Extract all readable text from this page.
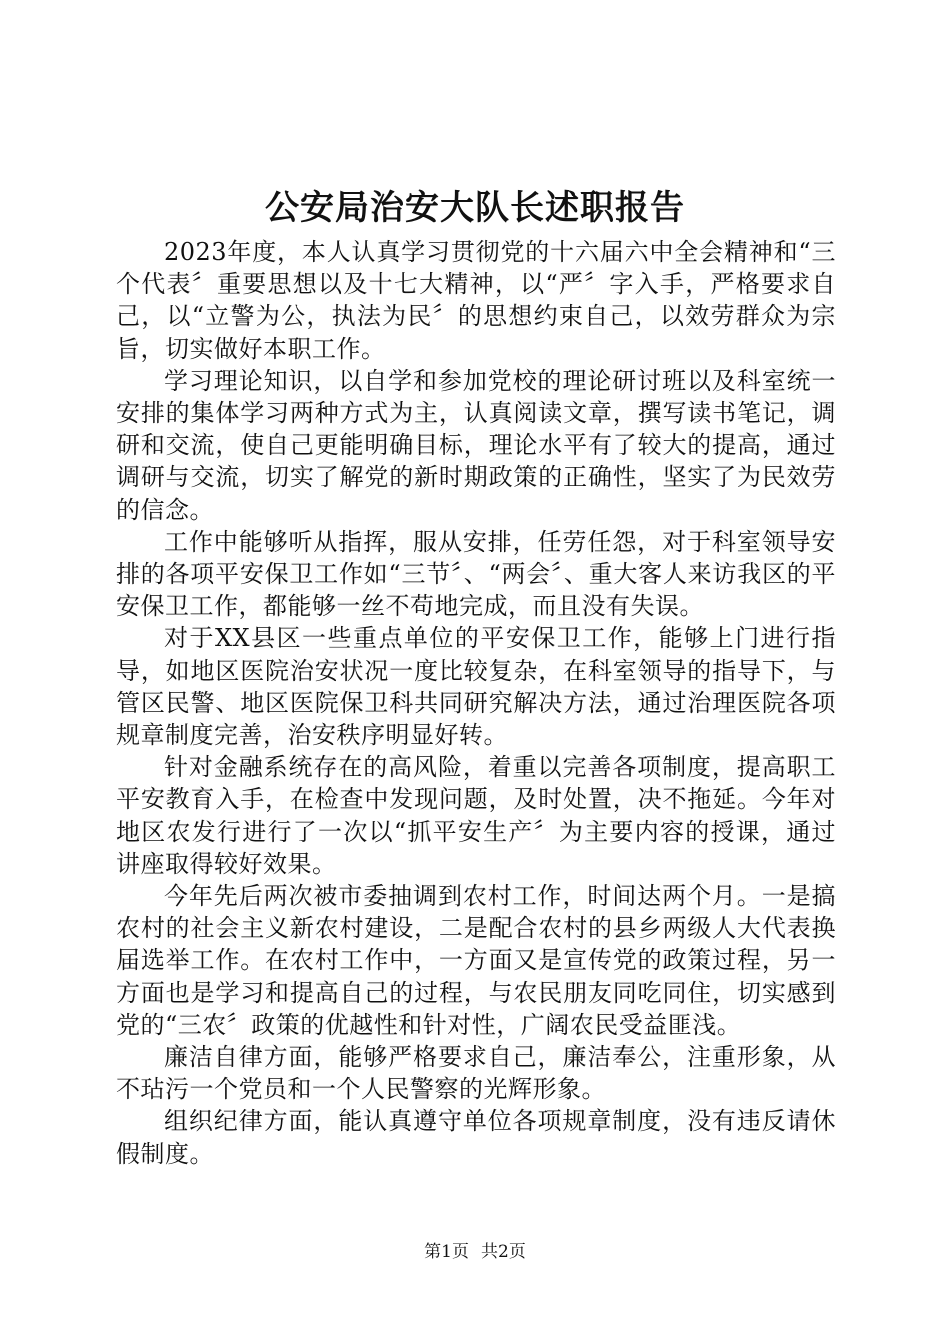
公安局治安大队长述职报告

2023年度，本人认真学习贯彻党的十六届六中全会精神和“三个代表〞重要思想以及十七大精神，以“严〞字入手，严格要求自己，以“立警为公，执法为民〞的思想约束自己，以效劳群众为宗旨，切实做好本职工作。

学习理论知识，以自学和参加党校的理论研讨班以及科室统一安排的集体学习两种方式为主，认真阅读文章，撰写读书笔记，调研和交流，使自己更能明确目标，理论水平有了较大的提高，通过调研与交流，切实了解党的新时期政策的正确性，坚实了为民效劳的信念。

工作中能够听从指挥，服从安排，任劳任怨，对于科室领导安排的各项平安保卫工作如“三节〞、“两会〞、重大客人来访我区的平安保卫工作，都能够一丝不苟地完成，而且没有失误。

对于XX县区一些重点单位的平安保卫工作，能够上门进行指导，如地区医院治安状况一度比较复杂，在科室领导的指导下，与管区民警、地区医院保卫科共同研究解决方法，通过治理医院各项规章制度完善，治安秩序明显好转。

针对金融系统存在的高风险，着重以完善各项制度，提高职工平安教育入手，在检查中发现问题，及时处置，决不拖延。今年对地区农发行进行了一次以“抓平安生产〞为主要内容的授课，通过讲座取得较好效果。

今年先后两次被市委抽调到农村工作，时间达两个月。一是搞农村的社会主义新农村建设，二是配合农村的县乡两级人大代表换届选举工作。在农村工作中，一方面又是宣传党的政策过程，另一方面也是学习和提高自己的过程，与农民朋友同吃同住，切实感到党的“三农〞政策的优越性和针对性，广阔农民受益匪浅。

廉洁自律方面，能够严格要求自己，廉洁奉公，注重形象，从不玷污一个党员和一个人民警察的光辉形象。

组织纪律方面，能认真遵守单位各项规章制度，没有违反请休假制度。

第1页 共2页
